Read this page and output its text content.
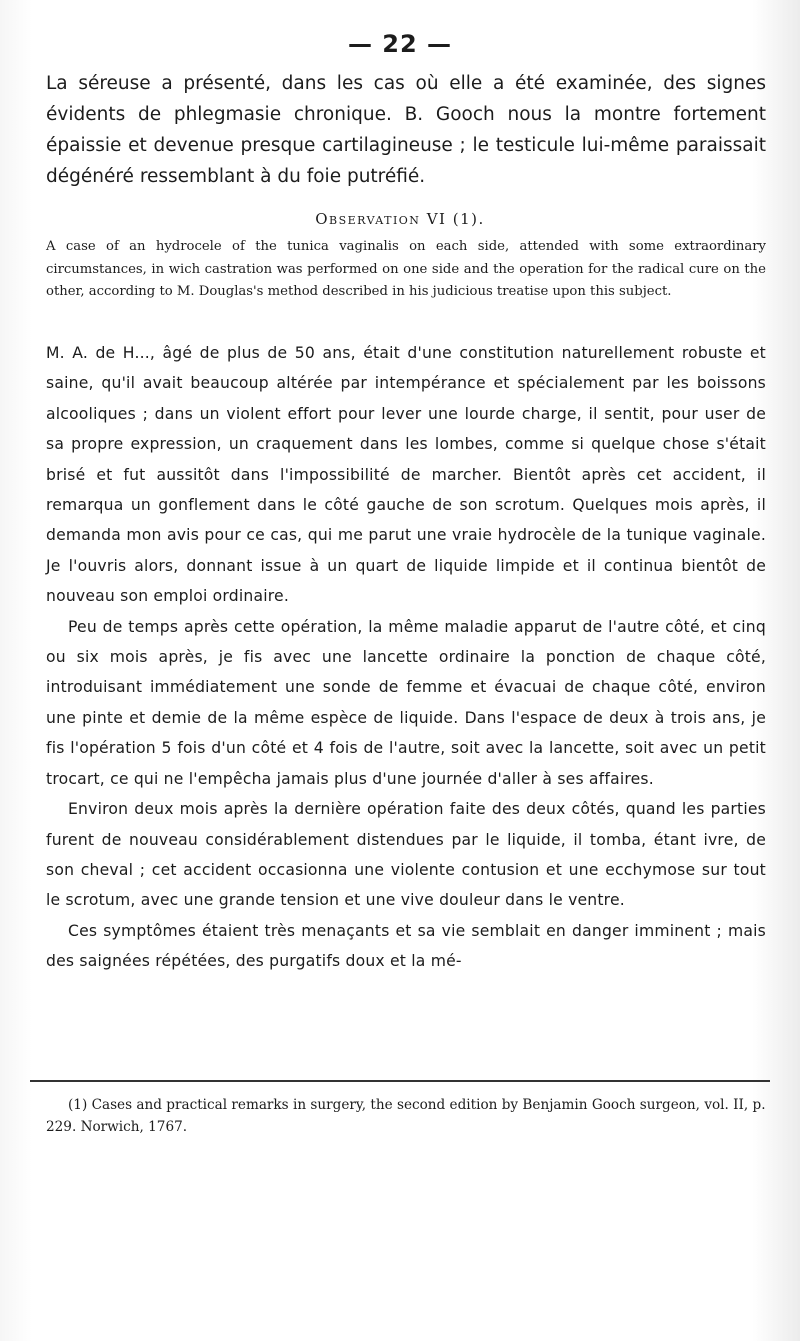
— 22 —
La séreuse a présenté, dans les cas où elle a été examinée, des signes évidents de phlegmasie chronique. B. Gooch nous la montre fortement épaissie et devenue presque cartilagineuse ; le testicule lui-même paraissait dégénéré ressemblant à du foie putréfié.
Observation VI (1).
A case of an hydrocele of the tunica vaginalis on each side, attended with some extraordinary circumstances, in wich castration was performed on one side and the operation for the radical cure on the other, according to M. Douglas's method described in his judicious treatise upon this subject.

M. A. de H..., âgé de plus de 50 ans, était d'une constitution naturellement robuste et saine, qu'il avait beaucoup altérée par intempérance et spécialement par les boissons alcooliques ; dans un violent effort pour lever une lourde charge, il sentit, pour user de sa propre expression, un craquement dans les lombes, comme si quelque chose s'était brisé et fut aussitôt dans l'impossibilité de marcher. Bientôt après cet accident, il remarqua un gonflement dans le côté gauche de son scrotum. Quelques mois après, il demanda mon avis pour ce cas, qui me parut une vraie hydrocèle de la tunique vaginale. Je l'ouvris alors, donnant issue à un quart de liquide limpide et il continua bientôt de nouveau son emploi ordinaire.

Peu de temps après cette opération, la même maladie apparut de l'autre côté, et cinq ou six mois après, je fis avec une lancette ordinaire la ponction de chaque côté, introduisant immédiatement une sonde de femme et évacuai de chaque côté, environ une pinte et demie de la même espèce de liquide. Dans l'espace de deux à trois ans, je fis l'opération 5 fois d'un côté et 4 fois de l'autre, soit avec la lancette, soit avec un petit trocart, ce qui ne l'empêcha jamais plus d'une journée d'aller à ses affaires.

Environ deux mois après la dernière opération faite des deux côtés, quand les parties furent de nouveau considérablement distendues par le liquide, il tomba, étant ivre, de son cheval ; cet accident occasionna une violente contusion et une ecchymose sur tout le scrotum, avec une grande tension et une vive douleur dans le ventre.

Ces symptômes étaient très menaçants et sa vie semblait en danger imminent ; mais des saignées répétées, des purgatifs doux et la mé-

(1) Cases and practical remarks in surgery, the second edition by Benjamin Gooch surgeon, vol. II, p. 229. Norwich, 1767.
